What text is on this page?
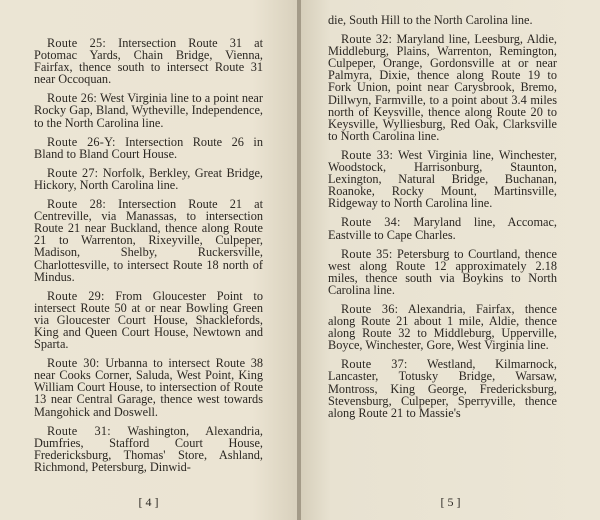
Route 25: Intersection Route 31 at Potomac Yards, Chain Bridge, Vienna, Fairfax, thence south to intersect Route 31 near Occoquan.

Route 26: West Virginia line to a point near Rocky Gap, Bland, Wytheville, Independence, to the North Carolina line.

Route 26-Y: Intersection Route 26 in Bland to Bland Court House.

Route 27: Norfolk, Berkley, Great Bridge, Hickory, North Carolina line.

Route 28: Intersection Route 21 at Centreville, via Manassas, to intersection Route 21 near Buckland, thence along Route 21 to Warrenton, Rixeyville, Culpeper, Madison, Shelby, Ruckersville, Charlottesville, to intersect Route 18 north of Mindus.

Route 29: From Gloucester Point to intersect Route 50 at or near Bowling Green via Gloucester Court House, Shacklefords, King and Queen Court House, Newtown and Sparta.

Route 30: Urbanna to intersect Route 38 near Cooks Corner, Saluda, West Point, King William Court House, to intersection of Route 13 near Central Garage, thence west towards Mangohick and Doswell.

Route 31: Washington, Alexandria, Dumfries, Stafford Court House, Fredericksburg, Thomas' Store, Ashland, Richmond, Petersburg, Dinwid-

[ 4 ]

die, South Hill to the North Carolina line.

Route 32: Maryland line, Leesburg, Aldie, Middleburg, Plains, Warrenton, Remington, Culpeper, Orange, Gordonsville at or near Palmyra, Dixie, thence along Route 19 to Fork Union, point near Carysbrook, Bremo, Dillwyn, Farmville, to a point about 3.4 miles north of Keysville, thence along Route 20 to Keysville, Wylliesburg, Red Oak, Clarksville to North Carolina line.

Route 33: West Virginia line, Winchester, Woodstock, Harrisonburg, Staunton, Lexington, Natural Bridge, Buchanan, Roanoke, Rocky Mount, Martinsville, Ridgeway to North Carolina line.

Route 34: Maryland line, Accomac, Eastville to Cape Charles.

Route 35: Petersburg to Courtland, thence west along Route 12 approximately 2.18 miles, thence south via Boykins to North Carolina line.

Route 36: Alexandria, Fairfax, thence along Route 21 about 1 mile, Aldie, thence along Route 32 to Middleburg, Upperville, Boyce, Winchester, Gore, West Virginia line.

Route 37: Westland, Kilmarnock, Lancaster, Totusky Bridge, Warsaw, Montross, King George, Fredericksburg, Stevensburg, Culpeper, Sperryville, thence along Route 21 to Massie's

[ 5 ]
